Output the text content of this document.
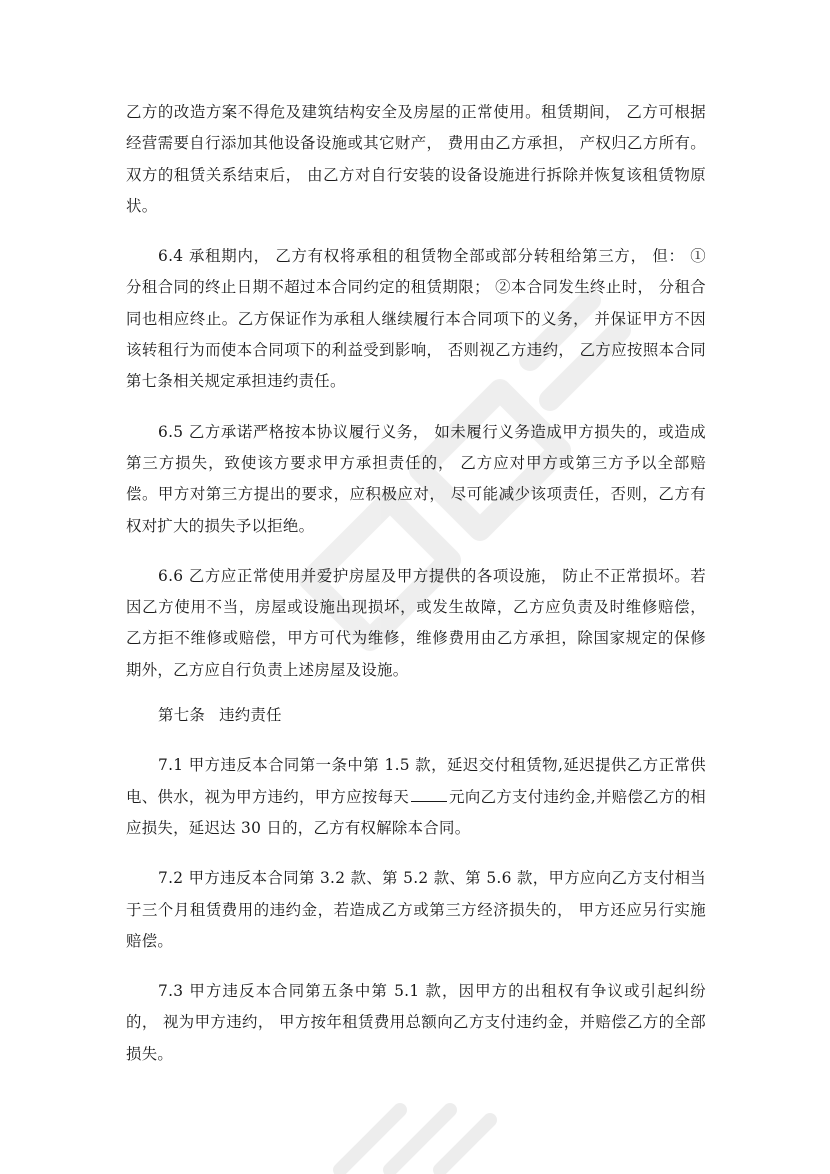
乙方的改造方案不得危及建筑结构安全及房屋的正常使用。租赁期间， 乙方可根据经营需要自行添加其他设备设施或其它财产， 费用由乙方承担， 产权归乙方所有。双方的租赁关系结束后， 由乙方对自行安装的设备设施进行拆除并恢复该租赁物原状。

6.4 承租期内， 乙方有权将承租的租赁物全部或部分转租给第三方， 但： ①分租合同的终止日期不超过本合同约定的租赁期限； ②本合同发生终止时， 分租合同也相应终止。乙方保证作为承租人继续履行本合同项下的义务， 并保证甲方不因该转租行为而使本合同项下的利益受到影响， 否则视乙方违约， 乙方应按照本合同第七条相关规定承担违约责任。

6.5 乙方承诺严格按本协议履行义务， 如未履行义务造成甲方损失的，或造成第三方损失，致使该方要求甲方承担责任的， 乙方应对甲方或第三方予以全部赔偿。甲方对第三方提出的要求，应积极应对， 尽可能减少该项责任，否则，乙方有权对扩大的损失予以拒绝。

6.6 乙方应正常使用并爱护房屋及甲方提供的各项设施， 防止不正常损坏。若因乙方使用不当，房屋或设施出现损坏，或发生故障，乙方应负责及时维修赔偿，乙方拒不维修或赔偿，甲方可代为维修，维修费用由乙方承担，除国家规定的保修期外，乙方应自行负责上述房屋及设施。

第七条 违约责任

7.1 甲方违反本合同第一条中第 1.5 款，延迟交付租赁物,延迟提供乙方正常供电、供水，视为甲方违约，甲方应按每天	元向乙方支付违约金,并赔偿乙方的相应损失，延迟达 30 日的，乙方有权解除本合同。

7.2 甲方违反本合同第 3.2 款、第 5.2 款、第 5.6 款，甲方应向乙方支付相当于三个月租赁费用的违约金，若造成乙方或第三方经济损失的， 甲方还应另行实施赔偿。

7.3 甲方违反本合同第五条中第 5.1 款，因甲方的出租权有争议或引起纠纷的， 视为甲方违约， 甲方按年租赁费用总额向乙方支付违约金，并赔偿乙方的全部损失。
